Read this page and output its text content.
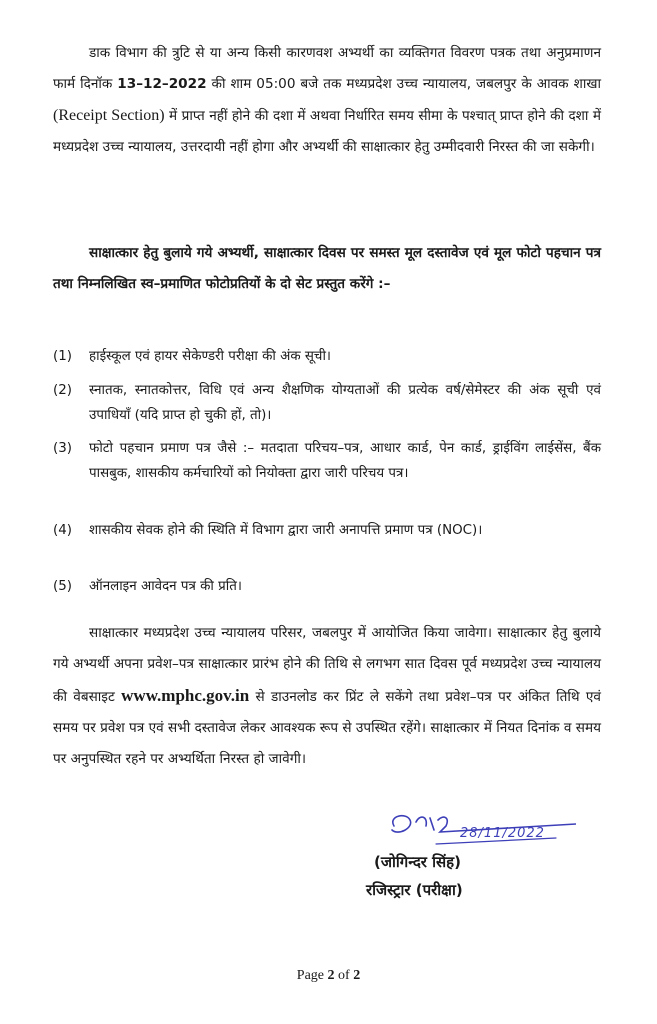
डाक विभाग की त्रुटि से या अन्य किसी कारणवश अभ्यर्थी का व्यक्तिगत विवरण पत्रक तथा अनुप्रमाणन फार्म दिनॉक 13–12–2022 की शाम 05:00 बजे तक मध्यप्रदेश उच्च न्यायालय, जबलपुर के आवक शाखा (Receipt Section) में प्राप्त नहीं होने की दशा में अथवा निर्धारित समय सीमा के पश्चात् प्राप्त होने की दशा में मध्यप्रदेश उच्च न्यायालय, उत्तरदायी नहीं होगा और अभ्यर्थी की साक्षात्कार हेतु उम्मीदवारी निरस्त की जा सकेगी।

साक्षात्कार हेतु बुलाये गये अभ्यर्थी, साक्षात्कार दिवस पर समस्त मूल दस्तावेज एवं मूल फोटो पहचान पत्र तथा निम्नलिखित स्व–प्रमाणित फोटोप्रतियों के दो सेट प्रस्तुत करेंगे :–

(1)	हाईस्कूल एवं हायर सेकेण्डरी परीक्षा की अंक सूची।
(2)	स्नातक, स्नातकोत्तर, विधि एवं अन्य शैक्षणिक योग्यताओं की प्रत्येक वर्ष/सेमेस्टर की अंक सूची एवं उपाधियाँ (यदि प्राप्त हो चुकी हों, तो)।
(3)	फोटो पहचान प्रमाण पत्र जैसे :– मतदाता परिचय–पत्र, आधार कार्ड, पेन कार्ड, ड्राईविंग लाईसेंस, बैंक पासबुक, शासकीय कर्मचारियों को नियोक्ता द्वारा जारी परिचय पत्र।
(4)	शासकीय सेवक होने की स्थिति में विभाग द्वारा जारी अनापत्ति प्रमाण पत्र (NOC)।
(5)	ऑनलाइन आवेदन पत्र की प्रति।

साक्षात्कार मध्यप्रदेश उच्च न्यायालय परिसर, जबलपुर में आयोजित किया जावेगा। साक्षात्कार हेतु बुलाये गये अभ्यर्थी अपना प्रवेश–पत्र साक्षात्कार प्रारंभ होने की तिथि से लगभग सात दिवस पूर्व मध्यप्रदेश उच्च न्यायालय की वेबसाइट www.mphc.gov.in से डाउनलोड कर प्रिंट ले सकेंगे तथा प्रवेश–पत्र पर अंकित तिथि एवं समय पर प्रवेश पत्र एवं सभी दस्तावेज लेकर आवश्यक रूप से उपस्थित रहेंगे। साक्षात्कार में नियत दिनांक व समय पर अनुपस्थित रहने पर अभ्यर्थिता निरस्त हो जावेगी।

28/11/2022
(जोगिन्दर सिंह)
रजिस्ट्रार (परीक्षा)
Page 2 of 2
